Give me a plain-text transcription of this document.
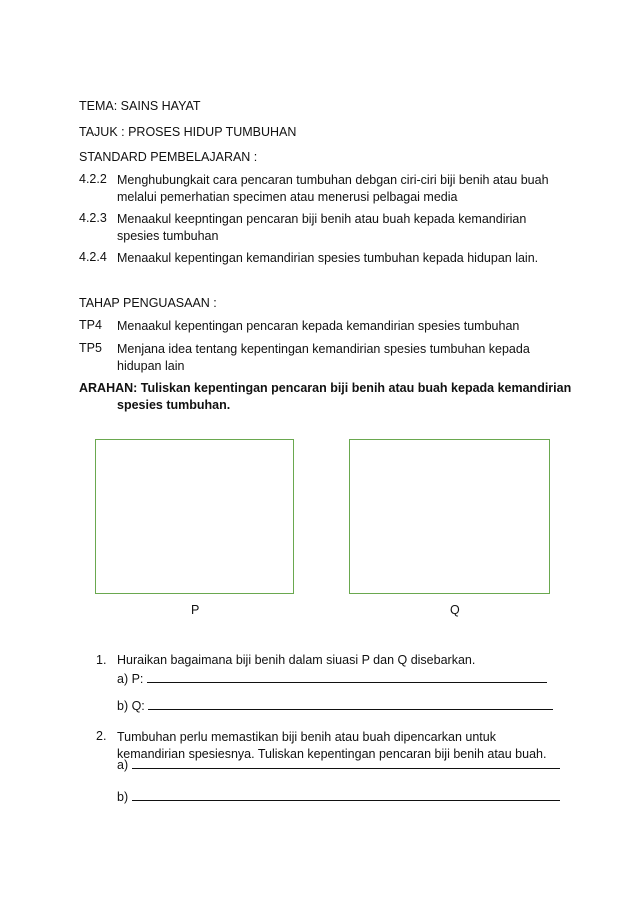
TEMA: SAINS HAYAT
TAJUK : PROSES HIDUP TUMBUHAN
STANDARD PEMBELAJARAN :
4.2.2 Menghubungkait cara pencaran tumbuhan debgan ciri-ciri biji benih atau buah melalui pemerhatian specimen atau menerusi pelbagai media
4.2.3 Menaakul keepntingan pencaran biji benih atau buah kepada kemandirian spesies tumbuhan
4.2.4 Menaakul kepentingan kemandirian spesies tumbuhan kepada hidupan lain.
TAHAP PENGUASAAN :
TP4 Menaakul kepentingan pencaran kepada kemandirian spesies tumbuhan
TP5 Menjana idea tentang kepentingan kemandirian spesies tumbuhan kepada hidupan lain
ARAHAN: Tuliskan kepentingan pencaran biji benih atau buah kepada kemandirian spesies tumbuhan.
P	Q
1. Huraikan bagaimana biji benih dalam siuasi P dan Q disebarkan.
a) P:
b) Q:
2. Tumbuhan perlu memastikan biji benih atau buah dipencarkan untuk kemandirian spesiesnya. Tuliskan kepentingan pencaran biji benih atau buah.
a)
b)
